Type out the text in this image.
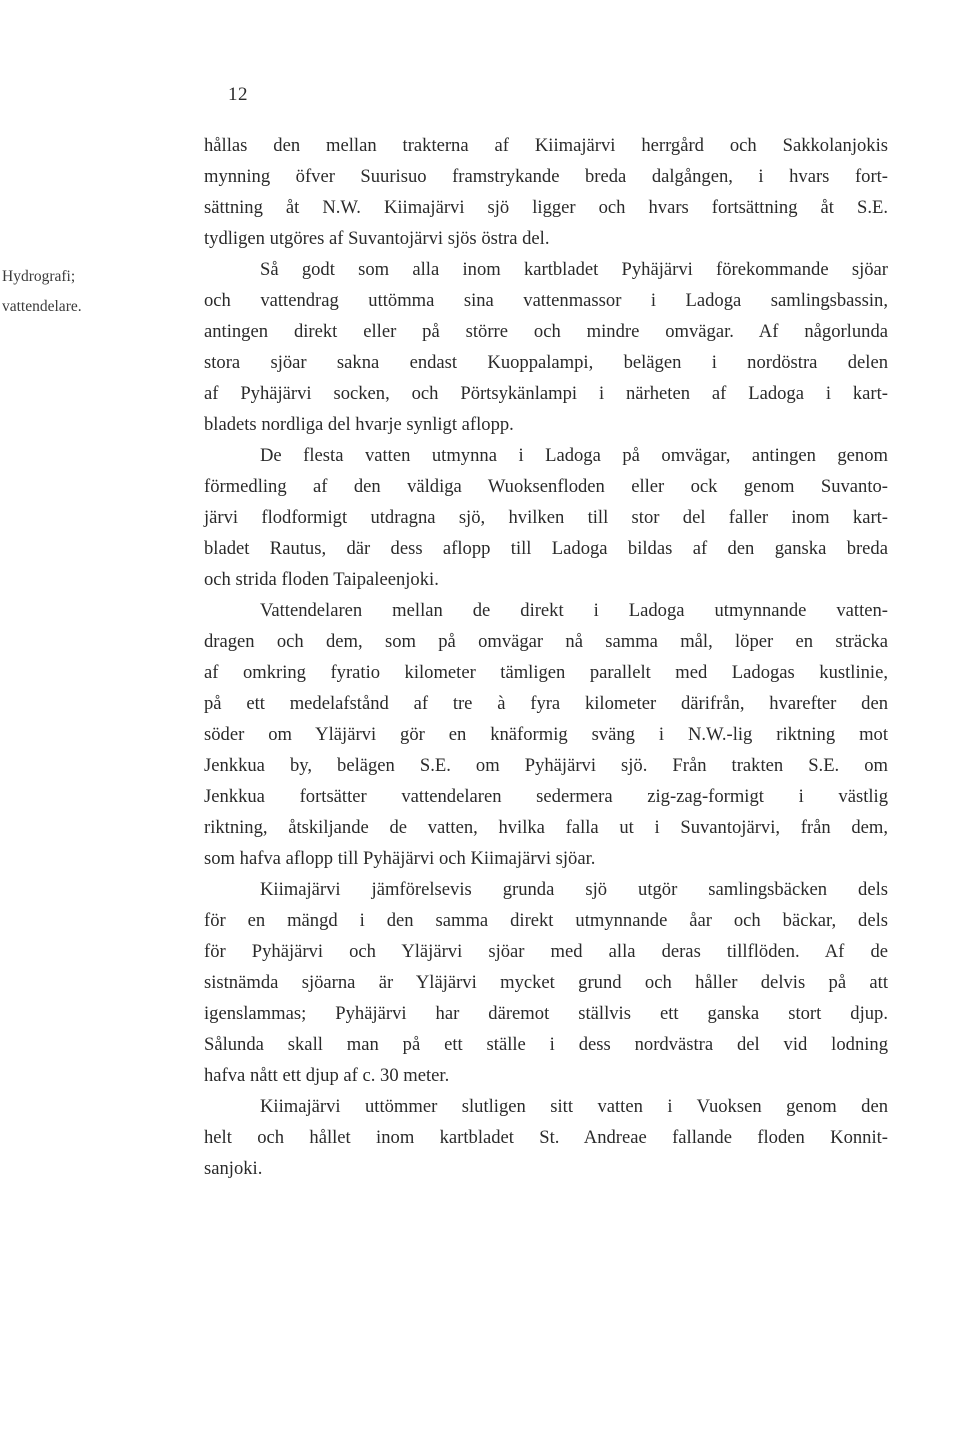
12
Hydrografi;
vattendelare.
hållas den mellan trakterna af Kiimajärvi herrgård och Sakkolanjokis
mynning öfver Suurisuo framstrykande breda dalgången, i hvars fort-
sättning åt N.W. Kiimajärvi sjö ligger och hvars fortsättning åt S.E.
tydligen utgöres af Suvantojärvi sjös östra del.
Så godt som alla inom kartbladet Pyhäjärvi förekommande sjöar
och vattendrag uttömma sina vattenmassor i Ladoga samlingsbassin,
antingen direkt eller på större och mindre omvägar. Af någorlunda
stora sjöar sakna endast Kuoppalampi, belägen i nordöstra delen
af Pyhäjärvi socken, och Pörtsykänlampi i närheten af Ladoga i kart-
bladets nordliga del hvarje synligt aflopp.
De flesta vatten utmynna i Ladoga på omvägar, antingen genom
förmedling af den väldiga Wuoksenfloden eller ock genom Suvanto-
järvi flodformigt utdragna sjö, hvilken till stor del faller inom kart-
bladet Rautus, där dess aflopp till Ladoga bildas af den ganska breda
och strida floden Taipaleenjoki.
Vattendelaren mellan de direkt i Ladoga utmynnande vatten-
dragen och dem, som på omvägar nå samma mål, löper en sträcka
af omkring fyratio kilometer tämligen parallelt med Ladogas kustlinie,
på ett medelafstånd af tre à fyra kilometer därifrån, hvarefter den
söder om Yläjärvi gör en knäformig sväng i N.W.-lig riktning mot
Jenkkua by, belägen S.E. om Pyhäjärvi sjö. Från trakten S.E. om
Jenkkua fortsätter vattendelaren sedermera zig-zag-formigt i västlig
riktning, åtskiljande de vatten, hvilka falla ut i Suvantojärvi, från dem,
som hafva aflopp till Pyhäjärvi och Kiimajärvi sjöar.
Kiimajärvi jämförelsevis grunda sjö utgör samlingsbäcken dels
för en mängd i den samma direkt utmynnande åar och bäckar, dels
för Pyhäjärvi och Yläjärvi sjöar med alla deras tillflöden. Af de
sistnämda sjöarna är Yläjärvi mycket grund och håller delvis på att
igenslammas; Pyhäjärvi har däremot ställvis ett ganska stort djup.
Sålunda skall man på ett ställe i dess nordvästra del vid lodning
hafva nått ett djup af c. 30 meter.
Kiimajärvi uttömmer slutligen sitt vatten i Vuoksen genom den
helt och hållet inom kartbladet St. Andreae fallande floden Konnit-
sanjoki.
